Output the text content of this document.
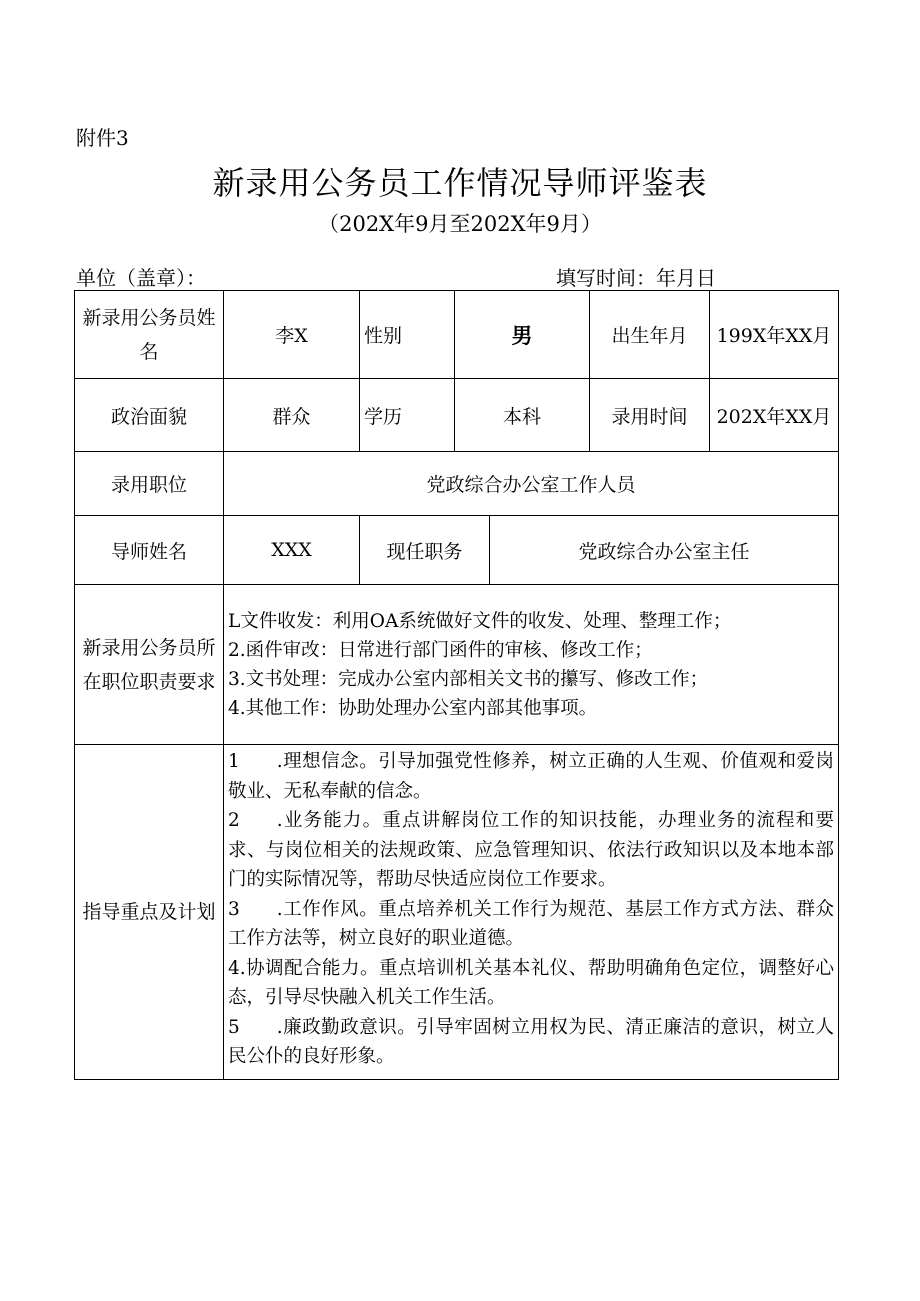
附件3
新录用公务员工作情况导师评鉴表
（202X年9月至202X年9月）
单位（盖章）：	填写时间：年月日
新录用公务员姓名	李X	性别	男		出生年月	199X年XX月
政治面貌	群众	学历	本科		录用时间	202X年XX月
录用职位	党政综合办公室工作人员					
导师姓名	XXX	现任职务		党政综合办公室主任		
新录用公务员所在职位职责要求	L文件收发：利用OA系统做好文件的收发、处理、整理工作；
2.函件审改：日常进行部门函件的审核、修改工作；
3.文书处理：完成办公室内部相关文书的攥写、修改工作；
4.其他工作：协助处理办公室内部其他事项。					

指导重点及计划	1  .理想信念。引导加强党性修养，树立正确的人生观、价值观和爱岗敬业、无私奉献的信念。
2  .业务能力。重点讲解岗位工作的知识技能，办理业务的流程和要求、与岗位相关的法规政策、应急管理知识、依法行政知识以及本地本部门的实际情况等，帮助尽快适应岗位工作要求。
3  .工作作风。重点培养机关工作行为规范、基层工作方式方法、群众工作方法等，树立良好的职业道德。
4.协调配合能力。重点培训机关基本礼仪、帮助明确角色定位，调整好心态，引导尽快融入机关工作生活。
5  .廉政勤政意识。引导牢固树立用权为民、清正廉洁的意识，树立人民公仆的良好形象。					
